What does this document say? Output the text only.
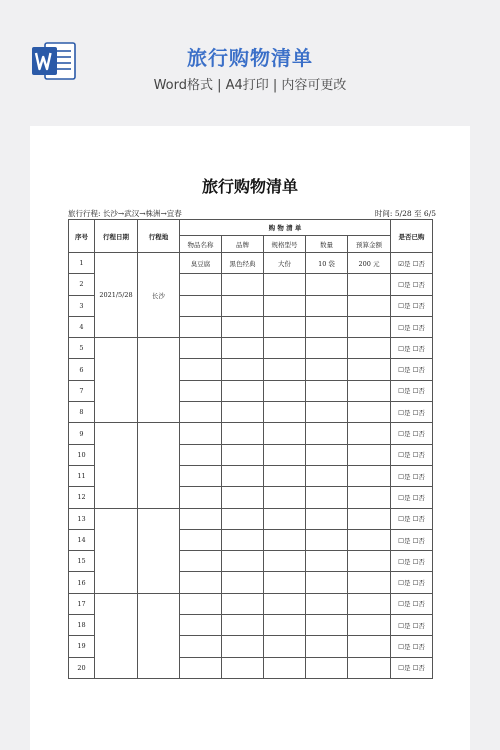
旅行购物清单
Word格式 | A4打印 | 内容可更改
旅行购物清单
旅行行程: 长沙→武汉→株洲→宜春	时间: 5/28 至 6/5
序号	行程日期	行程地	购 物 清 单					是否已购
			物品名称	品牌	规格型号	数量	预算金额	
1	2021/5/28	长沙	臭豆腐	黑色经典	大份	10 袋	200 元	☑是 ☐否
2								☐是 ☐否
3								☐是 ☐否
4								☐是 ☐否
5								☐是 ☐否
6								☐是 ☐否
7								☐是 ☐否
8								☐是 ☐否
9								☐是 ☐否
10								☐是 ☐否
11								☐是 ☐否
12								☐是 ☐否
13								☐是 ☐否
14								☐是 ☐否
15								☐是 ☐否
16								☐是 ☐否
17								☐是 ☐否
18								☐是 ☐否
19								☐是 ☐否
20								☐是 ☐否
